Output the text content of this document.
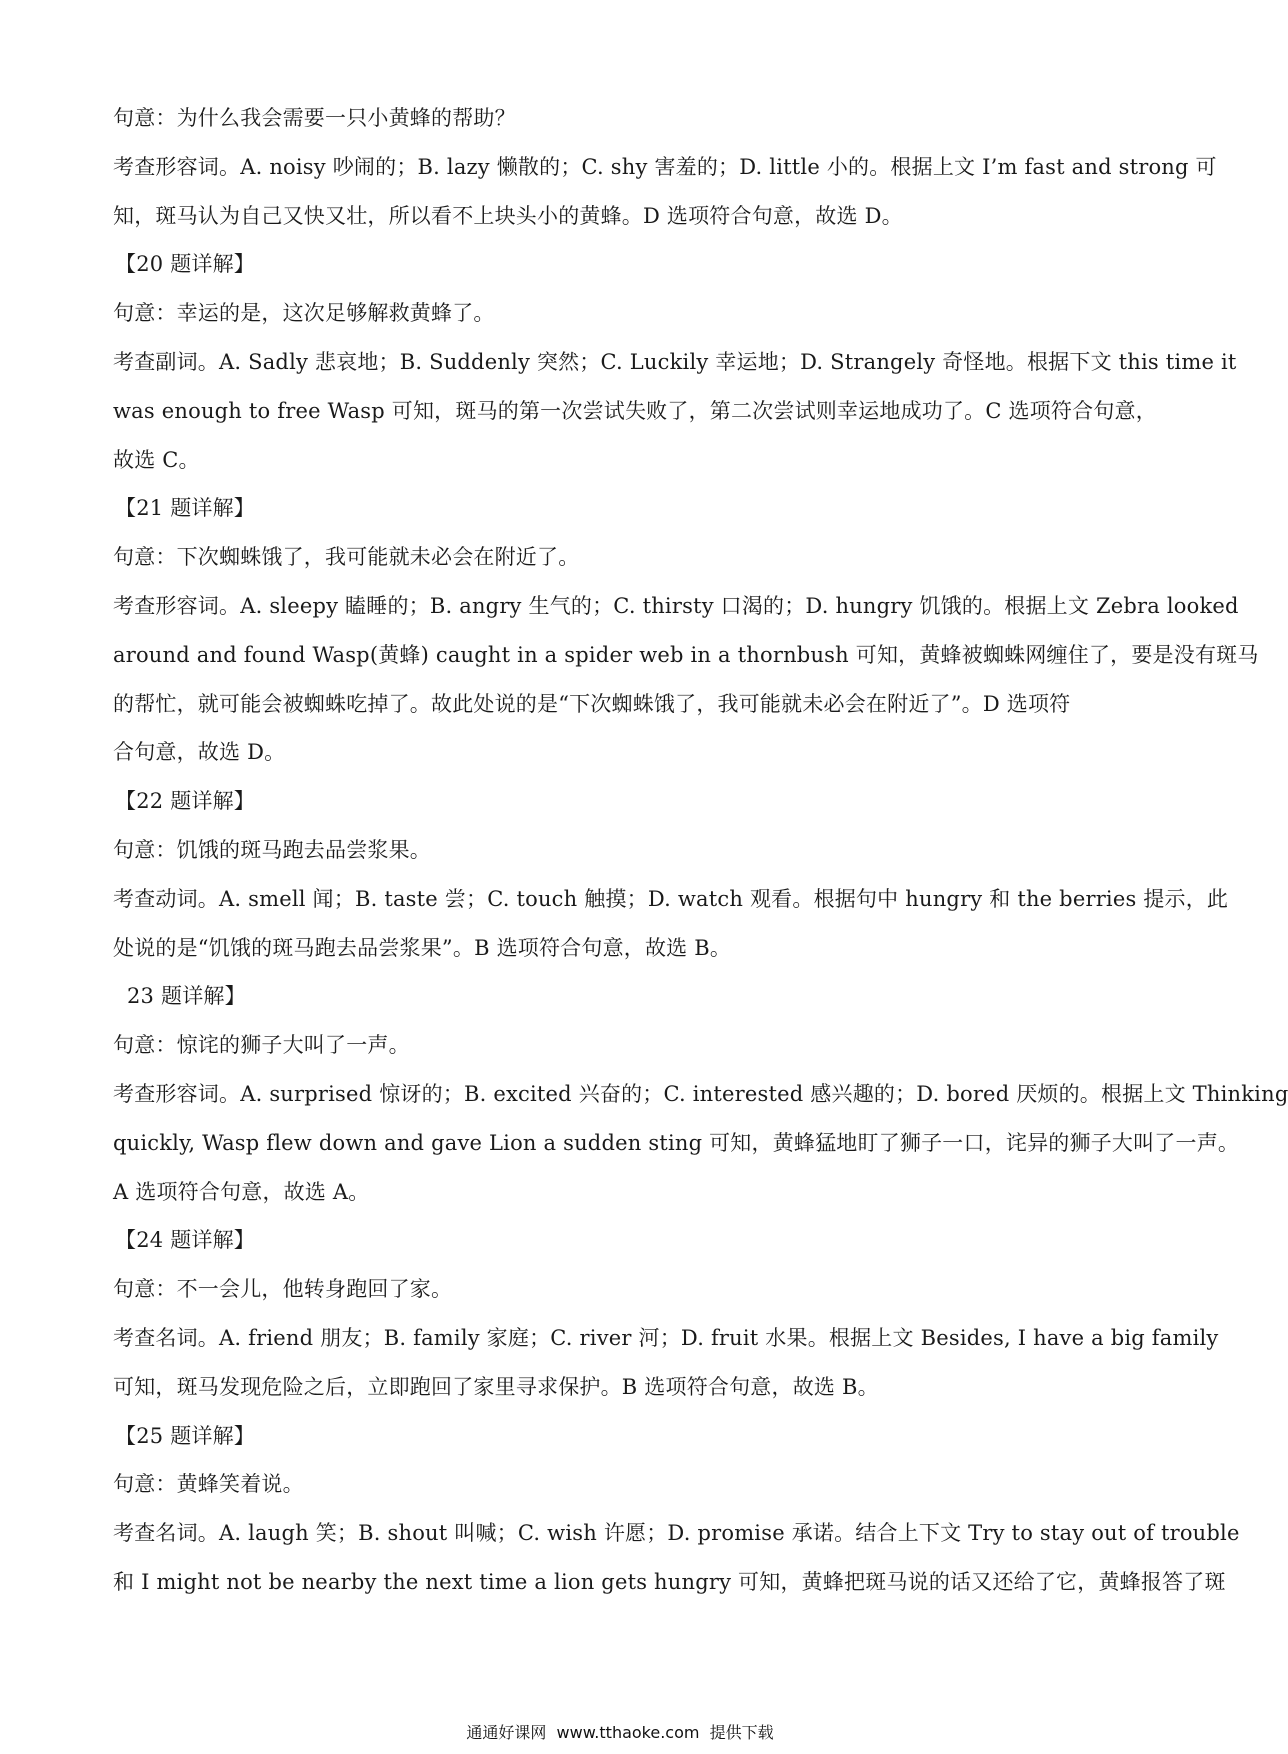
句意：为什么我会需要一只小黄蜂的帮助？
考查形容词。A. noisy 吵闹的；B. lazy 懒散的；C. shy 害羞的；D. little 小的。根据上文 I’m fast and strong 可
知，斑马认为自己又快又壮，所以看不上块头小的黄蜂。D 选项符合句意，故选 D。
【20 题详解】
句意：幸运的是，这次足够解救黄蜂了。
考查副词。A. Sadly 悲哀地；B. Suddenly 突然；C. Luckily 幸运地；D. Strangely 奇怪地。根据下文 this time it
was enough to free Wasp 可知，斑马的第一次尝试失败了，第二次尝试则幸运地成功了。C 选项符合句意，
故选 C。
【21 题详解】
句意：下次蜘蛛饿了，我可能就未必会在附近了。
考查形容词。A. sleepy 瞌睡的；B. angry 生气的；C. thirsty 口渴的；D. hungry 饥饿的。根据上文 Zebra looked
around and found Wasp(黄蜂) caught in a spider web in a thornbush 可知，黄蜂被蜘蛛网缠住了，要是没有斑马
的帮忙，就可能会被蜘蛛吃掉了。故此处说的是“下次蜘蛛饿了，我可能就未必会在附近了”。D 选项符
合句意，故选 D。
【22 题详解】
句意：饥饿的斑马跑去品尝浆果。
考查动词。A. smell 闻；B. taste 尝；C. touch 触摸；D. watch 观看。根据句中 hungry 和 the berries 提示，此
处说的是“饥饿的斑马跑去品尝浆果”。B 选项符合句意，故选 B。
23 题详解】
句意：惊诧的狮子大叫了一声。
考查形容词。A. surprised 惊讶的；B. excited 兴奋的；C. interested 感兴趣的；D. bored 厌烦的。根据上文 Thinking
quickly, Wasp flew down and gave Lion a sudden sting 可知，黄蜂猛地盯了狮子一口，诧异的狮子大叫了一声。
A 选项符合句意，故选 A。
【24 题详解】
句意：不一会儿，他转身跑回了家。
考查名词。A. friend 朋友；B. family 家庭；C. river 河；D. fruit 水果。根据上文 Besides, I have a big family
可知，斑马发现危险之后，立即跑回了家里寻求保护。B 选项符合句意，故选 B。
【25 题详解】
句意：黄蜂笑着说。
考查名词。A. laugh 笑；B. shout 叫喊；C. wish 许愿；D. promise 承诺。结合上下文 Try to stay out of trouble
和 I might not be nearby the next time a lion gets hungry 可知，黄蜂把斑马说的话又还给了它，黄蜂报答了斑
通通好课网  www.tthaoke.com  提供下载
